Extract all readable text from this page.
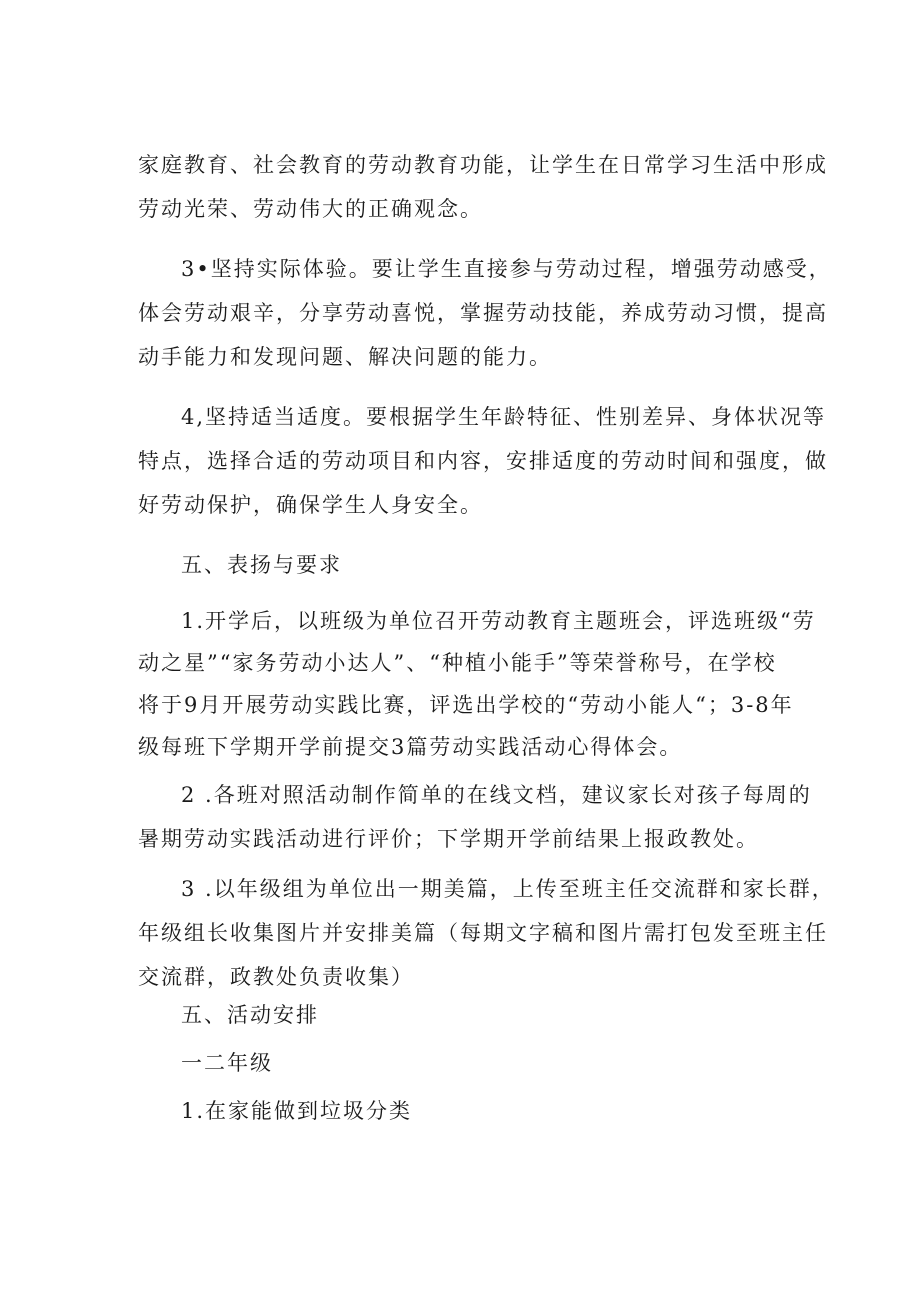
家庭教育、社会教育的劳动教育功能，让学生在日常学习生活中形成
劳动光荣、劳动伟大的正确观念。
3•坚持实际体验。要让学生直接参与劳动过程，增强劳动感受，
体会劳动艰辛，分享劳动喜悦，掌握劳动技能，养成劳动习惯，提高
动手能力和发现问题、解决问题的能力。
4,坚持适当适度。要根据学生年龄特征、性别差异、身体状况等
特点，选择合适的劳动项目和内容，安排适度的劳动时间和强度，做
好劳动保护，确保学生人身安全。
五、表扬与要求
1.开学后，以班级为单位召开劳动教育主题班会，评选班级“劳
动之星”“家务劳动小达人”、“种植小能手”等荣誉称号，在学校
将于9月开展劳动实践比赛，评选出学校的“劳动小能人“；3-8年
级每班下学期开学前提交3篇劳动实践活动心得体会。
2 .各班对照活动制作简单的在线文档，建议家长对孩子每周的
暑期劳动实践活动进行评价；下学期开学前结果上报政教处。
3 .以年级组为单位出一期美篇，上传至班主任交流群和家长群，
年级组长收集图片并安排美篇（每期文字稿和图片需打包发至班主任
交流群，政教处负责收集）
五、活动安排
一二年级
1.在家能做到垃圾分类
